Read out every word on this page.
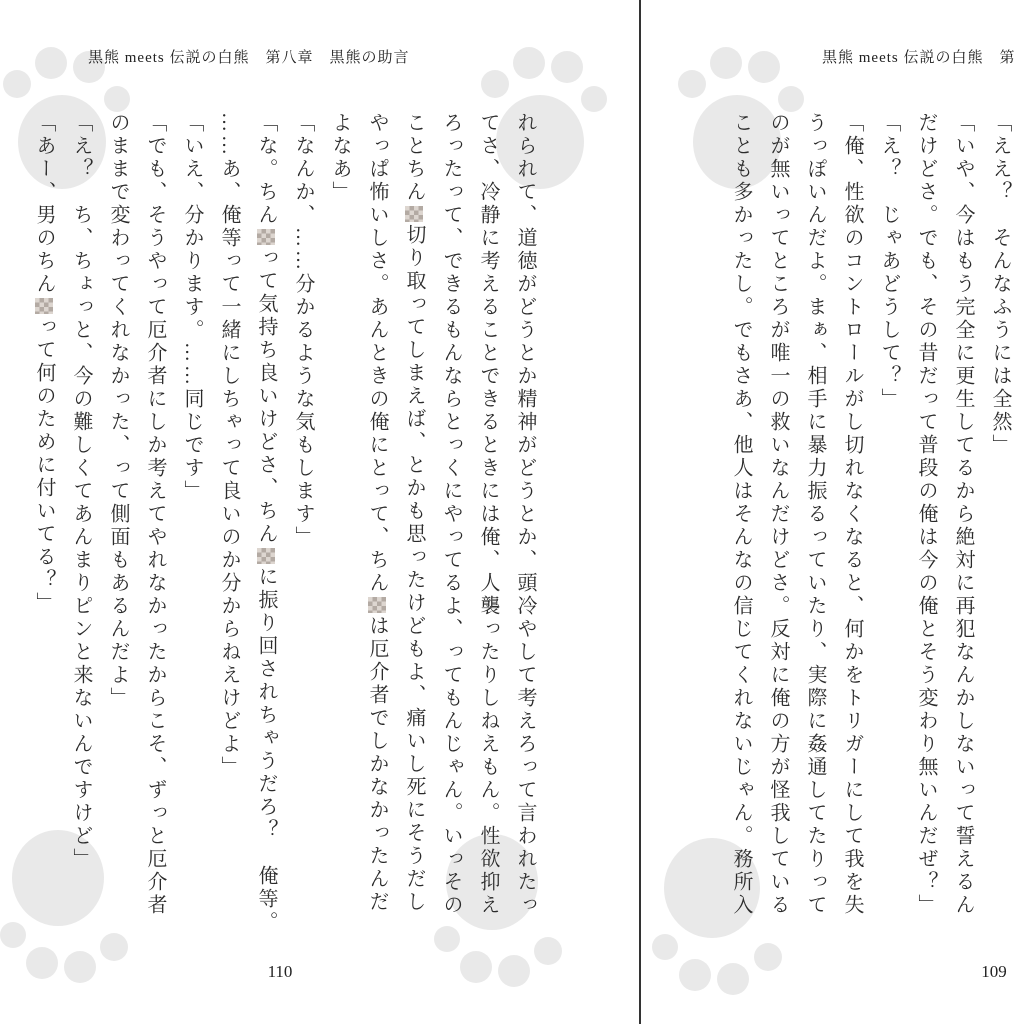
黒熊 meets 伝説の白熊　第
「ええ？　そんなふうには全然」
「いや、今はもう完全に更生してるから絶対に再犯なんかしないって誓えるん
だけどさ。でも、その昔だって普段の俺は今の俺とそう変わり無いんだぜ？」
「え？　じゃあどうして？」
「俺、性欲のコントロールがし切れなくなると、何かをトリガーにして我を失
うっぽいんだよ。まぁ、相手に暴力振るっていたり、実際に姦通してたりって
のが無いってところが唯一の救いなんだけどさ。反対に俺の方が怪我している
ことも多かったし。でもさあ、他人はそんなの信じてくれないじゃん。務所入
109
黒熊 meets 伝説の白熊　第八章　黒熊の助言
れられて、道徳がどうとか精神がどうとか、頭冷やして考えろって言われたっ
てさ、冷静に考えることできるときには俺、人襲ったりしねえもん。性欲抑え
ろったって、できるもんならとっくにやってるよ、ってもんじゃん。いっその
ことちん切り取ってしまえば、とかも思ったけどもよ、痛いし死にそうだし
やっぱ怖いしさ。あんときの俺にとって、ちんは厄介者でしかなかったんだ
よなあ」
「なんか、……分かるような気もします」
「な。ちんって気持ち良いけどさ、ちんに振り回されちゃうだろ？　俺等。
……あ、俺等って一緒にしちゃって良いのか分からねえけどよ」
「いえ、分かります。……同じです」
「でも、そうやって厄介者にしか考えてやれなかったからこそ、ずっと厄介者
のままで変わってくれなかった、って側面もあるんだよ」
「え？　ち、ちょっと、今の難しくてあんまりピンと来ないんですけど」
「あー、男のちんって何のために付いてる？」
110
